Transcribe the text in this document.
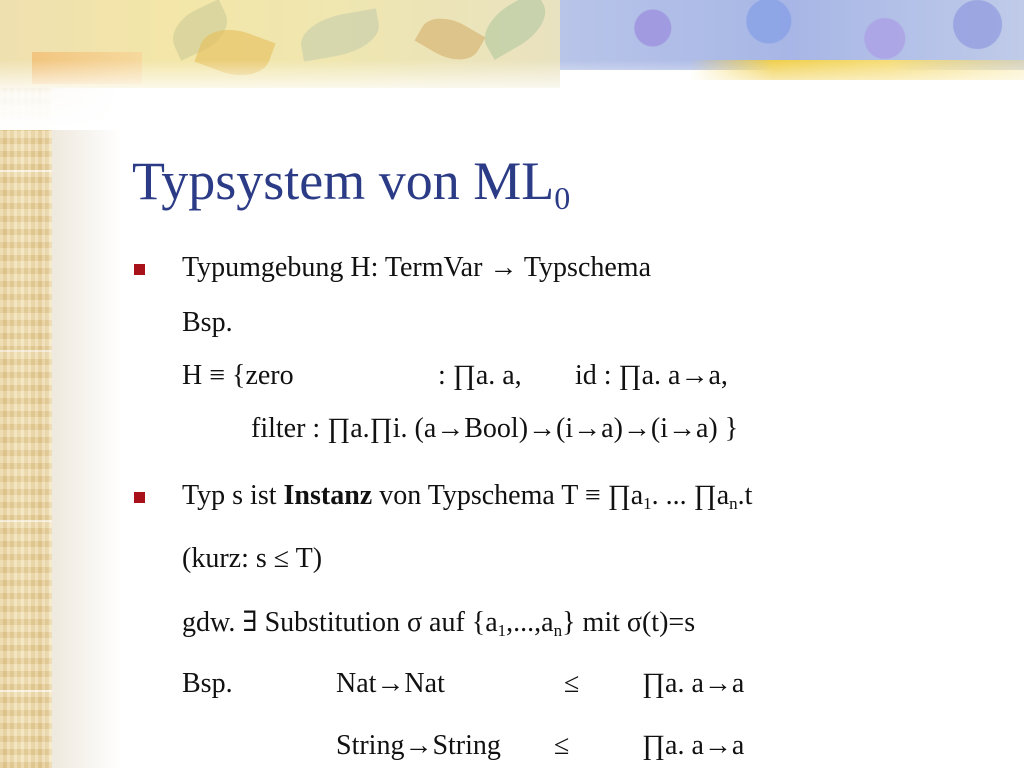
Typsystem von $ML_0$
Typumgebung H: TermVar → Typschema
Bsp.
H ≡ {zero	: ∏a. a, id : ∏a. a→a,
filter : ∏a.∏i. (a→Bool)→(i→a)→(i→a) }
Typ s ist Instanz von Typschema $T \equiv \prod a_1$. ... $\prod a_n.t$
(kurz: s ≤ T)
gdw. ∃ Substitution σ auf $\{a_1,...,a_n\}$ mit σ(t)=s
Bsp.	Nat→Nat	≤ ∏a. a→a
String→String ≤	∏a. a→a
